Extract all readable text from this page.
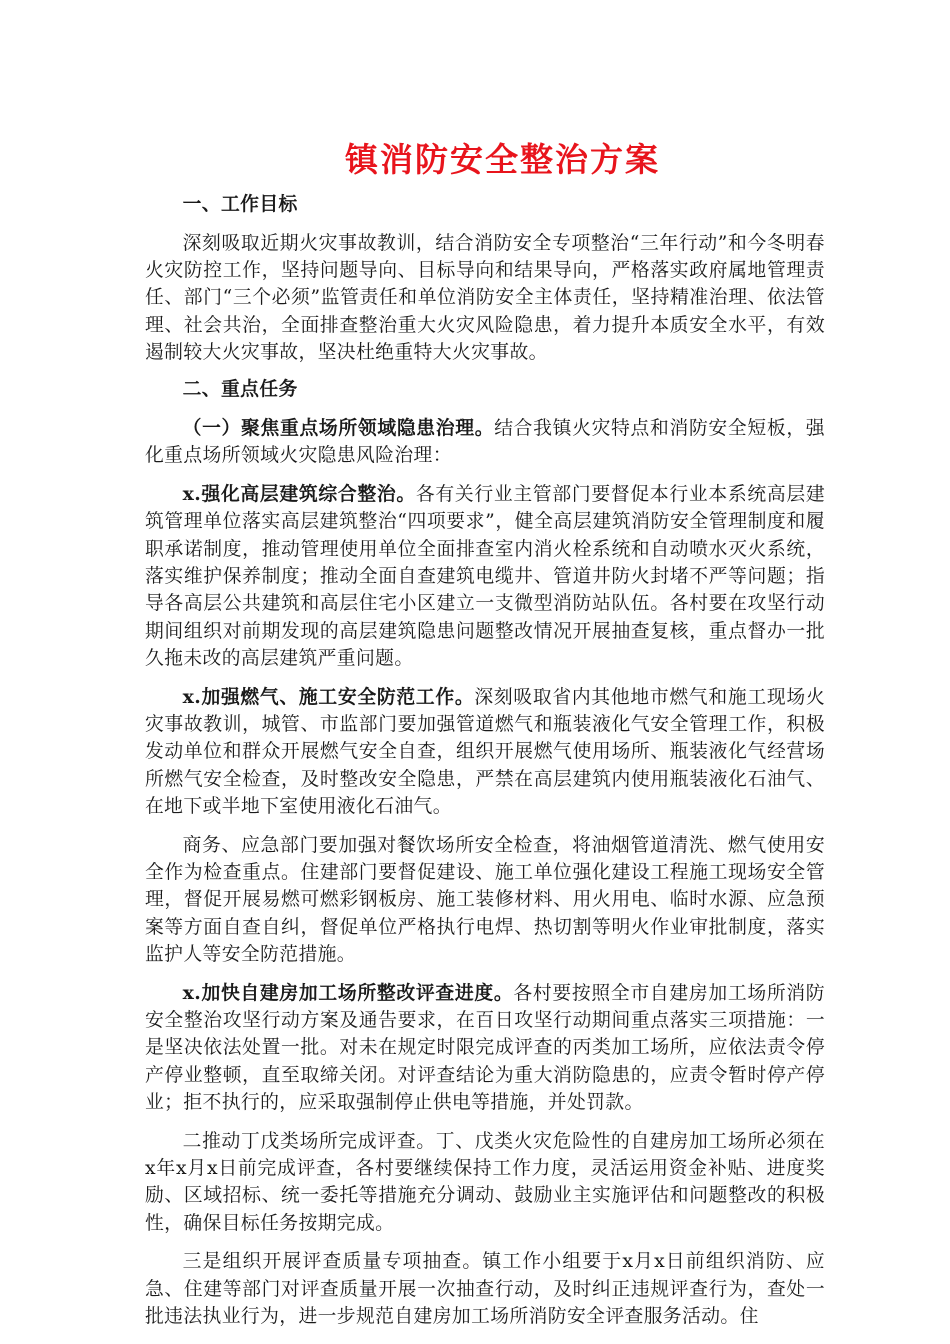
镇消防安全整治方案

一、工作目标

深刻吸取近期火灾事故教训，结合消防安全专项整治“三年行动”和今冬明春火灾防控工作，坚持问题导向、目标导向和结果导向，严格落实政府属地管理责任、部门“三个必须”监管责任和单位消防安全主体责任，坚持精准治理、依法管理、社会共治，全面排查整治重大火灾风险隐患，着力提升本质安全水平，有效遏制较大火灾事故，坚决杜绝重特大火灾事故。

二、重点任务

（一）聚焦重点场所领域隐患治理。结合我镇火灾特点和消防安全短板，强化重点场所领域火灾隐患风险治理：

x.强化高层建筑综合整治。各有关行业主管部门要督促本行业本系统高层建筑管理单位落实高层建筑整治“四项要求”，健全高层建筑消防安全管理制度和履职承诺制度，推动管理使用单位全面排查室内消火栓系统和自动喷水灭火系统，落实维护保养制度；推动全面自查建筑电缆井、管道井防火封堵不严等问题；指导各高层公共建筑和高层住宅小区建立一支微型消防站队伍。各村要在攻坚行动期间组织对前期发现的高层建筑隐患问题整改情况开展抽查复核，重点督办一批久拖未改的高层建筑严重问题。

x.加强燃气、施工安全防范工作。深刻吸取省内其他地市燃气和施工现场火灾事故教训，城管、市监部门要加强管道燃气和瓶装液化气安全管理工作，积极发动单位和群众开展燃气安全自查，组织开展燃气使用场所、瓶装液化气经营场所燃气安全检查，及时整改安全隐患，严禁在高层建筑内使用瓶装液化石油气、在地下或半地下室使用液化石油气。

商务、应急部门要加强对餐饮场所安全检查，将油烟管道清洗、燃气使用安全作为检查重点。住建部门要督促建设、施工单位强化建设工程施工现场安全管理，督促开展易燃可燃彩钢板房、施工装修材料、用火用电、临时水源、应急预案等方面自查自纠，督促单位严格执行电焊、热切割等明火作业审批制度，落实监护人等安全防范措施。

x.加快自建房加工场所整改评查进度。各村要按照全市自建房加工场所消防安全整治攻坚行动方案及通告要求，在百日攻坚行动期间重点落实三项措施：一是坚决依法处置一批。对未在规定时限完成评查的丙类加工场所，应依法责令停产停业整顿，直至取缔关闭。对评查结论为重大消防隐患的，应责令暂时停产停业；拒不执行的，应采取强制停止供电等措施，并处罚款。

二推动丁戊类场所完成评查。丁、戊类火灾危险性的自建房加工场所必须在x年x月x日前完成评查，各村要继续保持工作力度，灵活运用资金补贴、进度奖励、区域招标、统一委托等措施充分调动、鼓励业主实施评估和问题整改的积极性，确保目标任务按期完成。

三是组织开展评查质量专项抽查。镇工作小组要于x月x日前组织消防、应急、住建等部门对评查质量开展一次抽查行动，及时纠正违规评查行为，查处一批违法执业行为，进一步规范自建房加工场所消防安全评查服务活动。住
